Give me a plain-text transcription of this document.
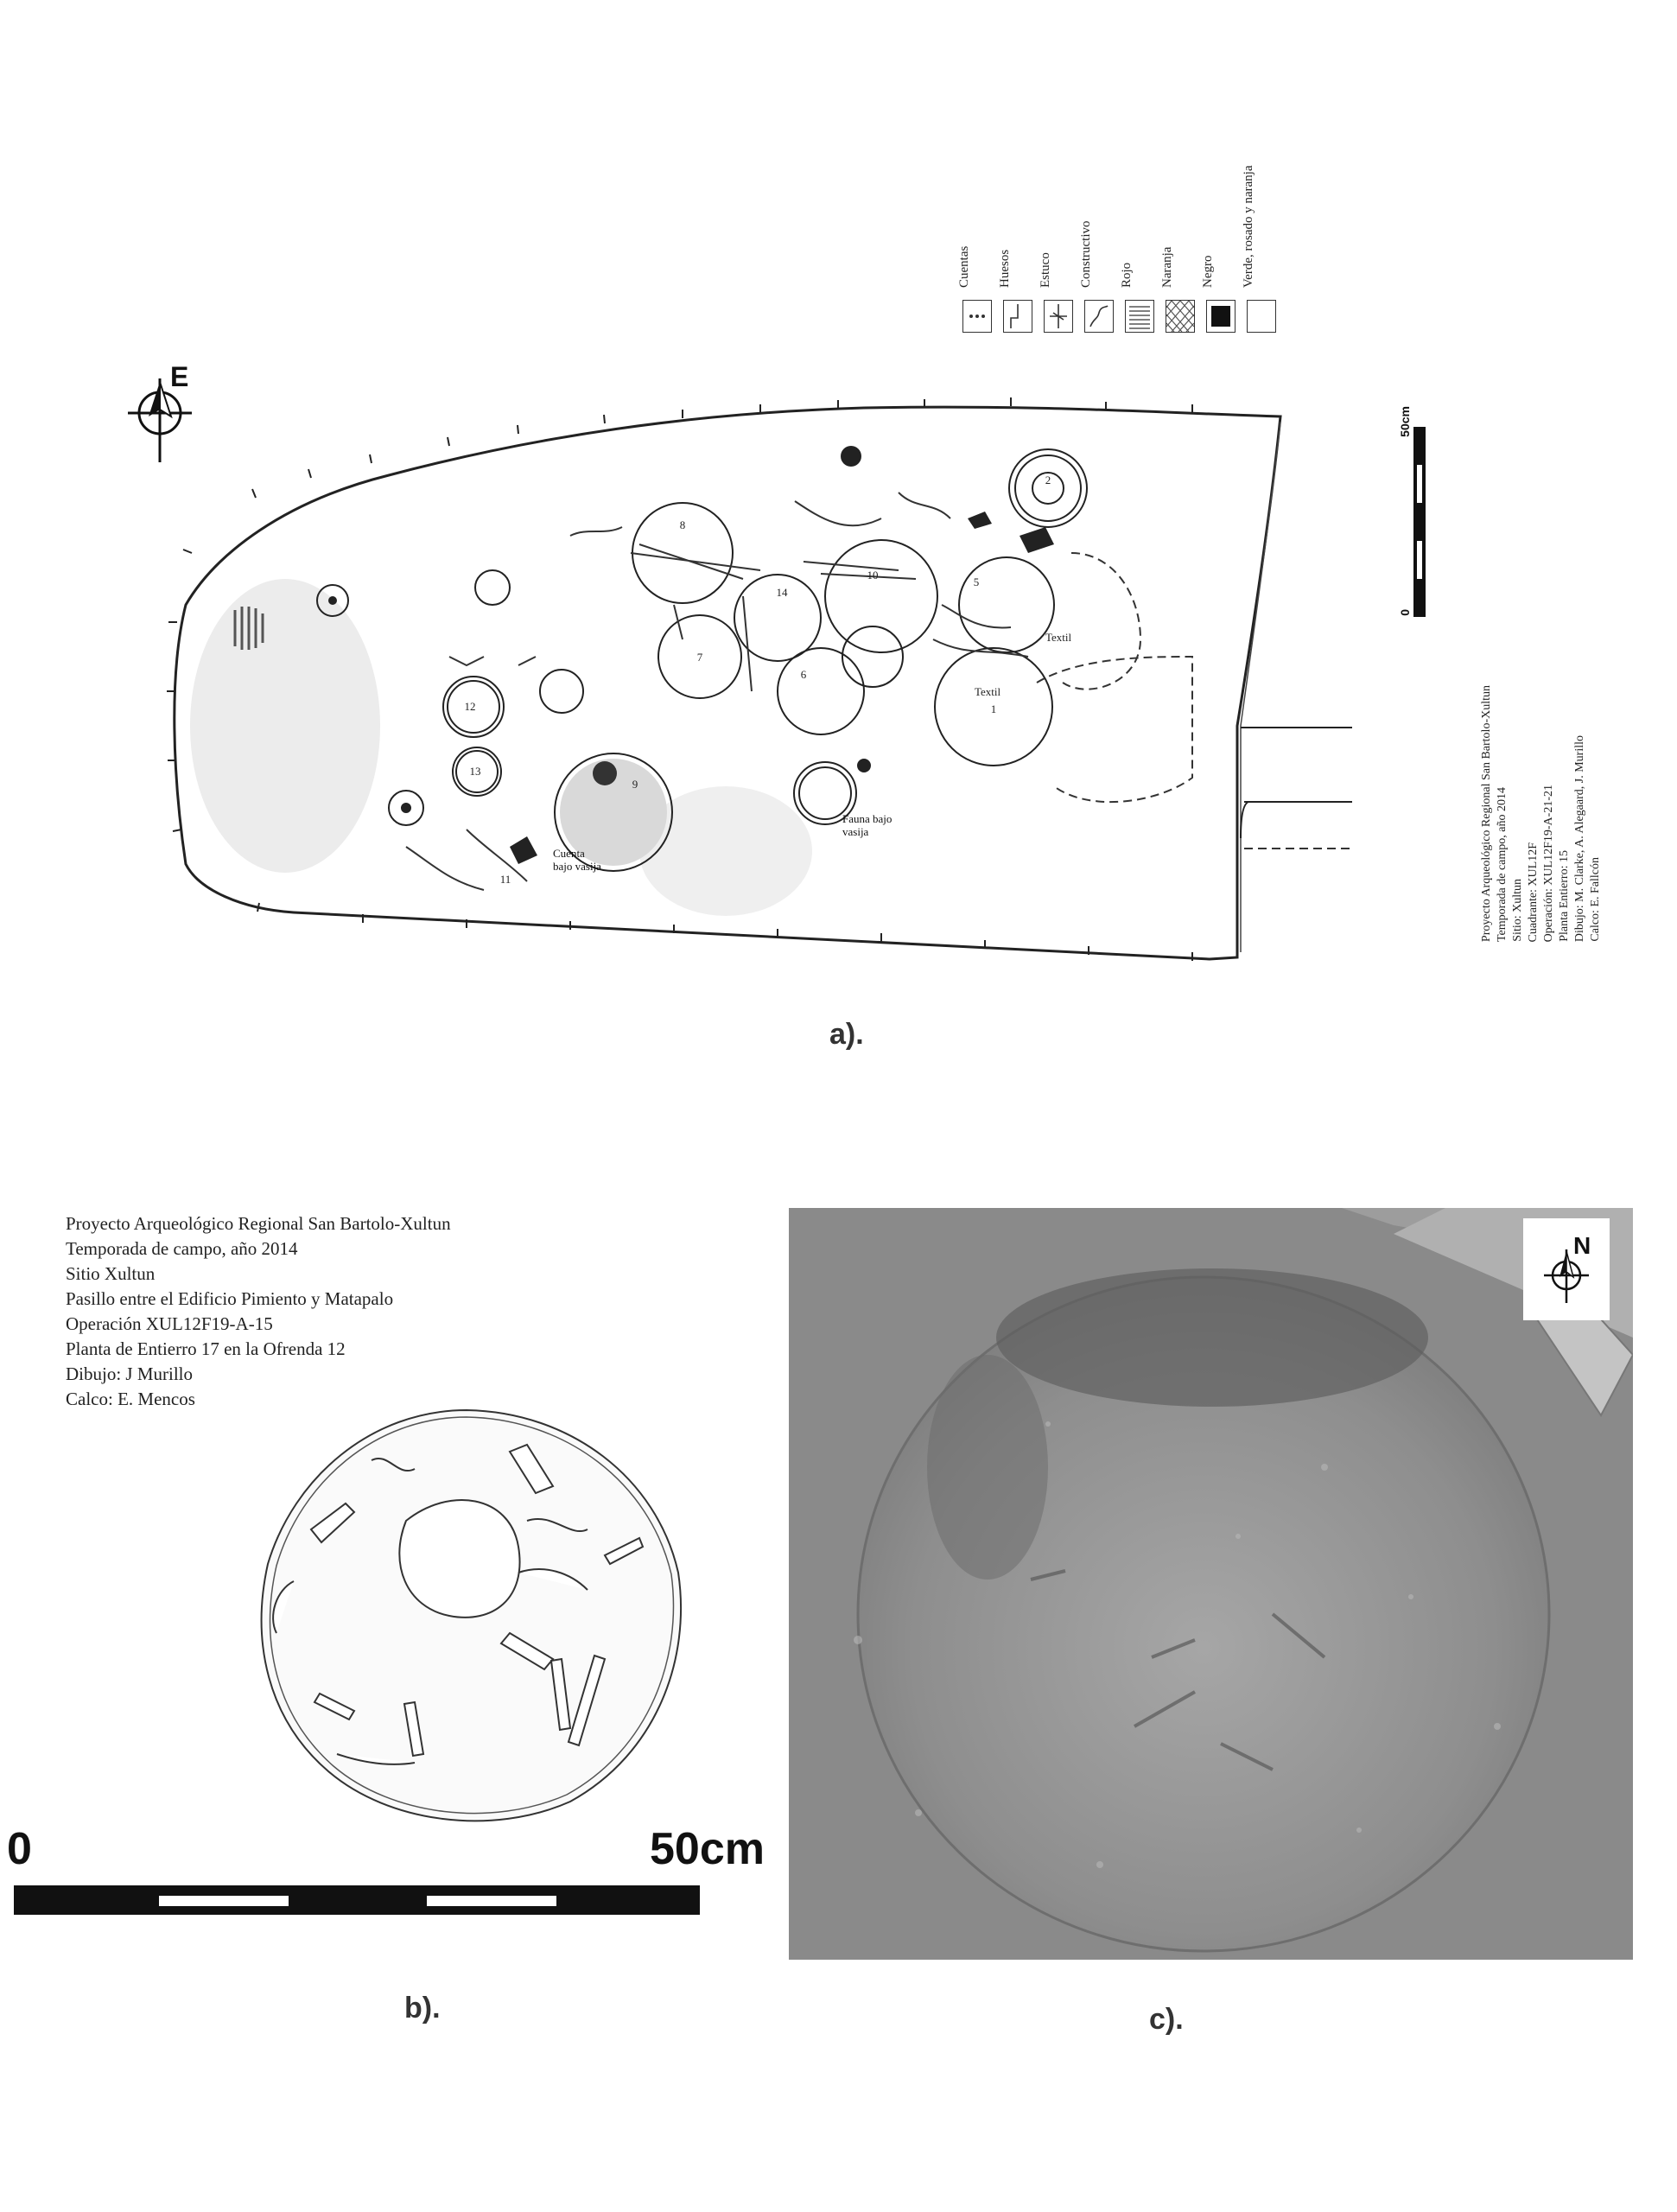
Cuentas	Huesos	Estuco	Constructivo	Rojo	Naranja	Negro	Verde, rosado y naranja
E
2
1
7
8
9
5
6
10
11
12
13
14
Textil
Textil
Cuenta bajo vasija
Fauna bajo vasija
50cm
0
Proyecto Arqueológico Regional San Bartolo-Xultun Temporada de campo, año 2014 Sitio: Xultun Cuadrante: XUL12F Operación: XUL12F19-A-21-21 Planta Entierro: 15 Dibujo: M. Clarke, A. Alegaard, J. Murillo Calco: E. Fallcón
a).
Proyecto Arqueológico Regional San Bartolo-Xultun
Temporada de campo, año 2014
Sitio Xultun
Pasillo entre el Edificio Pimiento y Matapalo
Operación XUL12F19-A-15
Planta de Entierro 17 en la Ofrenda 12
Dibujo: J Murillo
Calco: E. Mencos
0	50cm
b).
N
c).
